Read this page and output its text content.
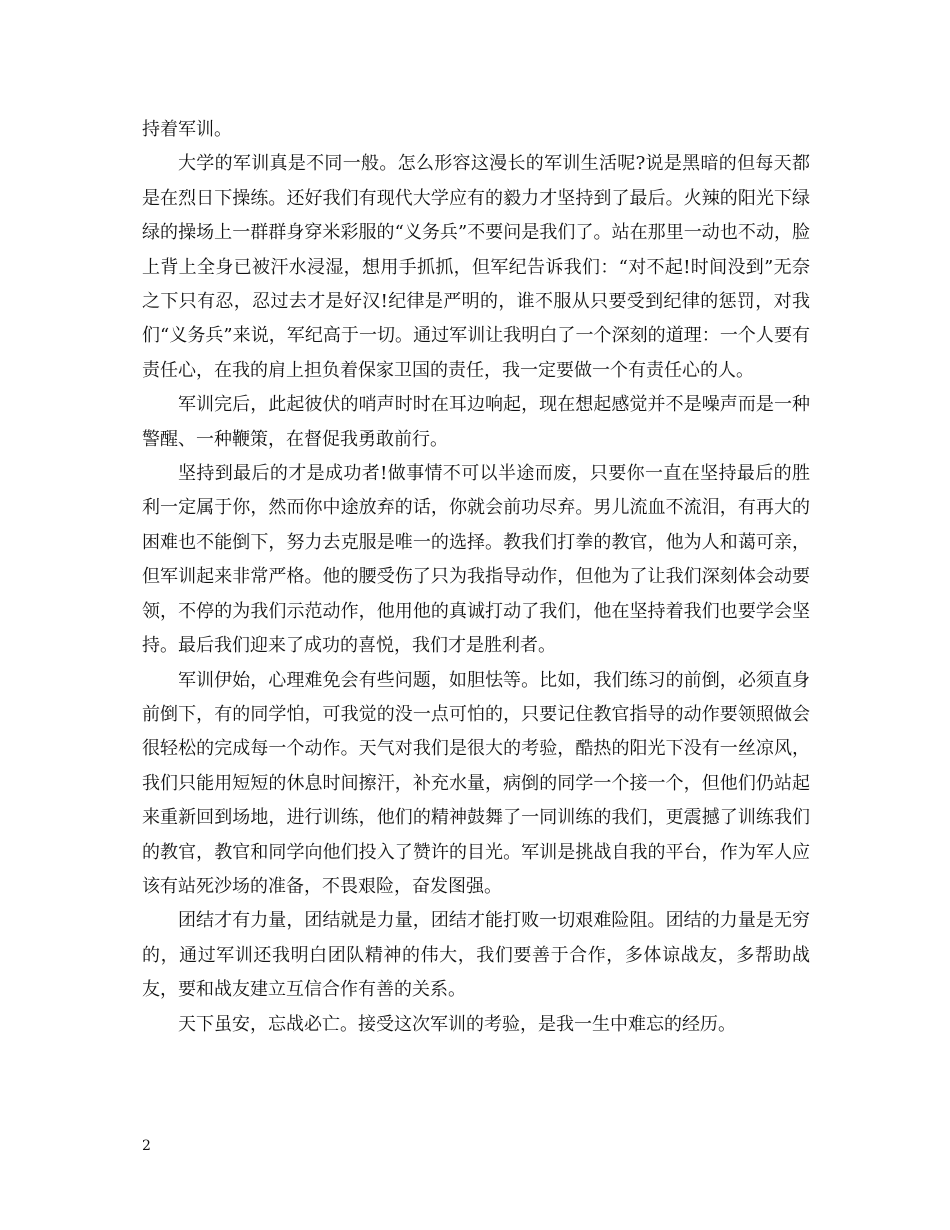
持着军训。

大学的军训真是不同一般。怎么形容这漫长的军训生活呢?说是黑暗的但每天都是在烈日下操练。还好我们有现代大学应有的毅力才坚持到了最后。火辣的阳光下绿绿的操场上一群群身穿米彩服的“义务兵”不要问是我们了。站在那里一动也不动，脸上背上全身已被汗水浸湿，想用手抓抓，但军纪告诉我们：“对不起!时间没到”无奈之下只有忍，忍过去才是好汉!纪律是严明的，谁不服从只要受到纪律的惩罚，对我们“义务兵”来说，军纪高于一切。通过军训让我明白了一个深刻的道理：一个人要有责任心，在我的肩上担负着保家卫国的责任，我一定要做一个有责任心的人。

军训完后，此起彼伏的哨声时时在耳边响起，现在想起感觉并不是噪声而是一种警醒、一种鞭策，在督促我勇敢前行。

坚持到最后的才是成功者!做事情不可以半途而废，只要你一直在坚持最后的胜利一定属于你，然而你中途放弃的话，你就会前功尽弃。男儿流血不流泪，有再大的困难也不能倒下，努力去克服是唯一的选择。教我们打拳的教官，他为人和蔼可亲，但军训起来非常严格。他的腰受伤了只为我指导动作，但他为了让我们深刻体会动要领，不停的为我们示范动作，他用他的真诚打动了我们，他在坚持着我们也要学会坚持。最后我们迎来了成功的喜悦，我们才是胜利者。

军训伊始，心理难免会有些问题，如胆怯等。比如，我们练习的前倒，必须直身前倒下，有的同学怕，可我觉的没一点可怕的，只要记住教官指导的动作要领照做会很轻松的完成每一个动作。天气对我们是很大的考验，酷热的阳光下没有一丝凉风，我们只能用短短的休息时间擦汗，补充水量，病倒的同学一个接一个，但他们仍站起来重新回到场地，进行训练，他们的精神鼓舞了一同训练的我们，更震撼了训练我们的教官，教官和同学向他们投入了赞许的目光。军训是挑战自我的平台，作为军人应该有站死沙场的准备，不畏艰险，奋发图强。

团结才有力量，团结就是力量，团结才能打败一切艰难险阻。团结的力量是无穷的，通过军训还我明白团队精神的伟大，我们要善于合作，多体谅战友，多帮助战友，要和战友建立互信合作有善的关系。

天下虽安，忘战必亡。接受这次军训的考验，是我一生中难忘的经历。

2
